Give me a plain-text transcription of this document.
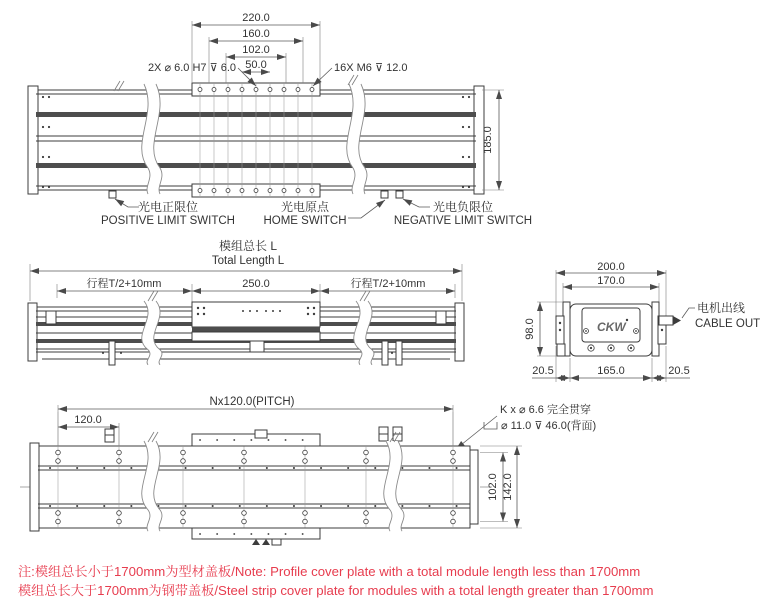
220.0
160.0
102.0
50.0
2X ⌀ 6.0 H7 ⊽ 6.0	16X M6 ⊽ 12.0
185.0
光电正限位
POSITIVE LIMIT SWITCH
光电原点
HOME SWITCH
光电负限位
NEGATIVE LIMIT SWITCH
模组总长 L
Total Length L
行程T/2+10mm	250.0	行程T/2+10mm
200.0
170.0
CKW
电机出线
CABLE OUT
98.0
20.5	165.0	20.5
Nx120.0(PITCH)
120.0
K x ⌀ 6.6 完全贯穿
⌀ 11.0 ⊽ 46.0(背面)
102.0 142.0
注:模组总长小于1700mm为型材盖板/Note: Profile cover plate with a total module length less than 1700mm
模组总长大于1700mm为钢带盖板/Steel strip cover plate for modules with a total length greater than 1700mm
